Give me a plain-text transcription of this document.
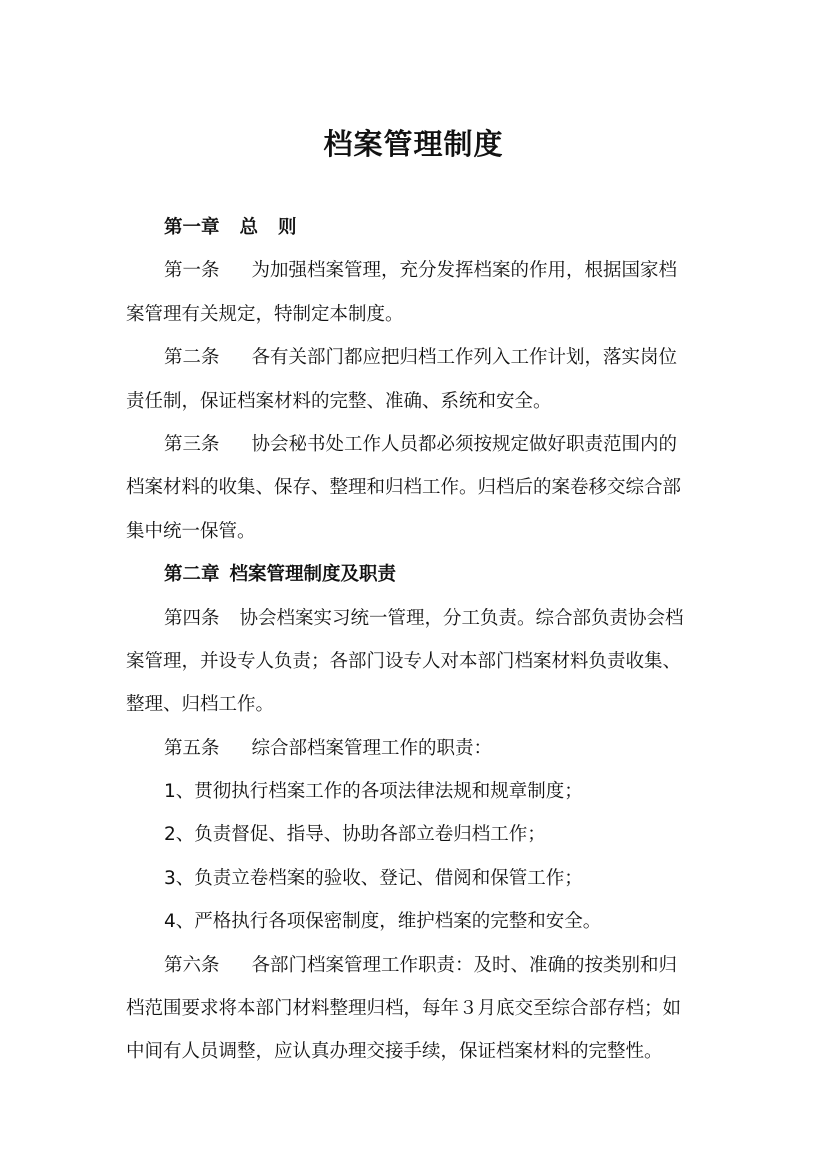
档案管理制度
第一章 总 则
第一条 为加强档案管理，充分发挥档案的作用，根据国家档
案管理有关规定，特制定本制度。
第二条 各有关部门都应把归档工作列入工作计划，落实岗位
责任制，保证档案材料的完整、准确、系统和安全。
第三条 协会秘书处工作人员都必须按规定做好职责范围内的
档案材料的收集、保存、整理和归档工作。归档后的案卷移交综合部
集中统一保管。
第二章 档案管理制度及职责
第四条 协会档案实习统一管理，分工负责。综合部负责协会档
案管理，并设专人负责；各部门设专人对本部门档案材料负责收集、
整理、归档工作。
第五条 综合部档案管理工作的职责：
1、贯彻执行档案工作的各项法律法规和规章制度；
2、负责督促、指导、协助各部立卷归档工作；
3、负责立卷档案的验收、登记、借阅和保管工作；
4、严格执行各项保密制度，维护档案的完整和安全。
第六条 各部门档案管理工作职责：及时、准确的按类别和归
档范围要求将本部门材料整理归档，每年３月底交至综合部存档；如
中间有人员调整，应认真办理交接手续，保证档案材料的完整性。
